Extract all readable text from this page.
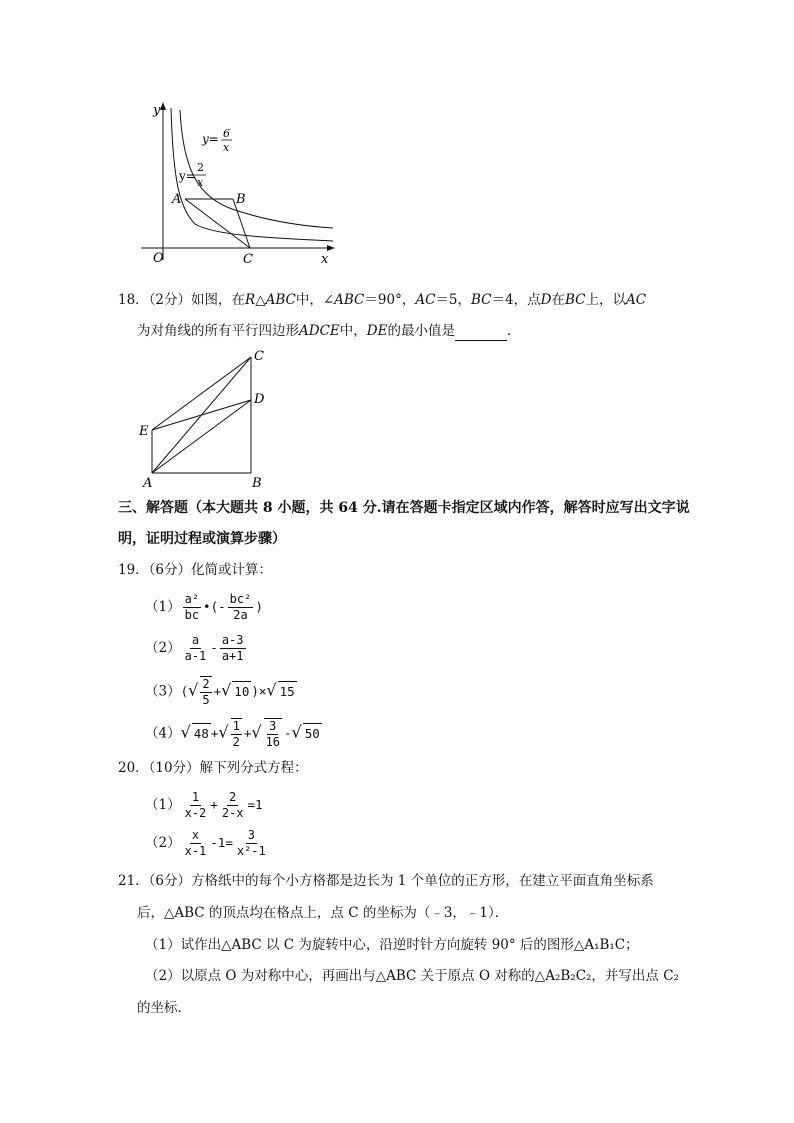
y
x
O
A	B
C
y= 6
x
y=
2
x
18．（2分）如图，在R△ABC中，∠ABC＝90°，AC＝5，BC＝4，点D在BC上，以AC
为对角线的所有平行四边形ADCE中，DE的最小值是	．
C
D
E
A	B
三、解答题（本大题共 8 小题，共 64 分.请在答题卡指定区域内作答，解答时应写出文字说
明，证明过程或演算步骤）
19．（6分）化简或计算：
$(1) \frac{\text{a²}}{bc}$ •(- $\frac{\text{bc²}}{2a}$ )
$(2) \frac{a}{a-1} - \frac{a-3}{a+1}$
$(3)(√ \frac{2}{5}$ +√ 10 )×√ 15
（4）√ 48 +√ $\frac{1}{2}$ +√ $\frac{3}{16}$ -√ 50
20．（10分）解下列分式方程：
$(1) \frac{1}{x-2} + \frac{2}{2-x} =1$
$(2) \frac{x}{x-1} -1= \frac{3}{\text{x²-1}}$
21．（6分）方格纸中的每个小方格都是边长为 1 个单位的正方形，在建立平面直角坐标系
后，△ABC 的顶点均在格点上，点 C 的坐标为（﹣3，﹣1）．
（1）试作出△ABC 以 C 为旋转中心，沿逆时针方向旋转 90° 后的图形△A₁B₁C；
（2）以原点 O 为对称中心，再画出与△ABC 关于原点 O 对称的△A₂B₂C₂，并写出点 C₂
的坐标．
